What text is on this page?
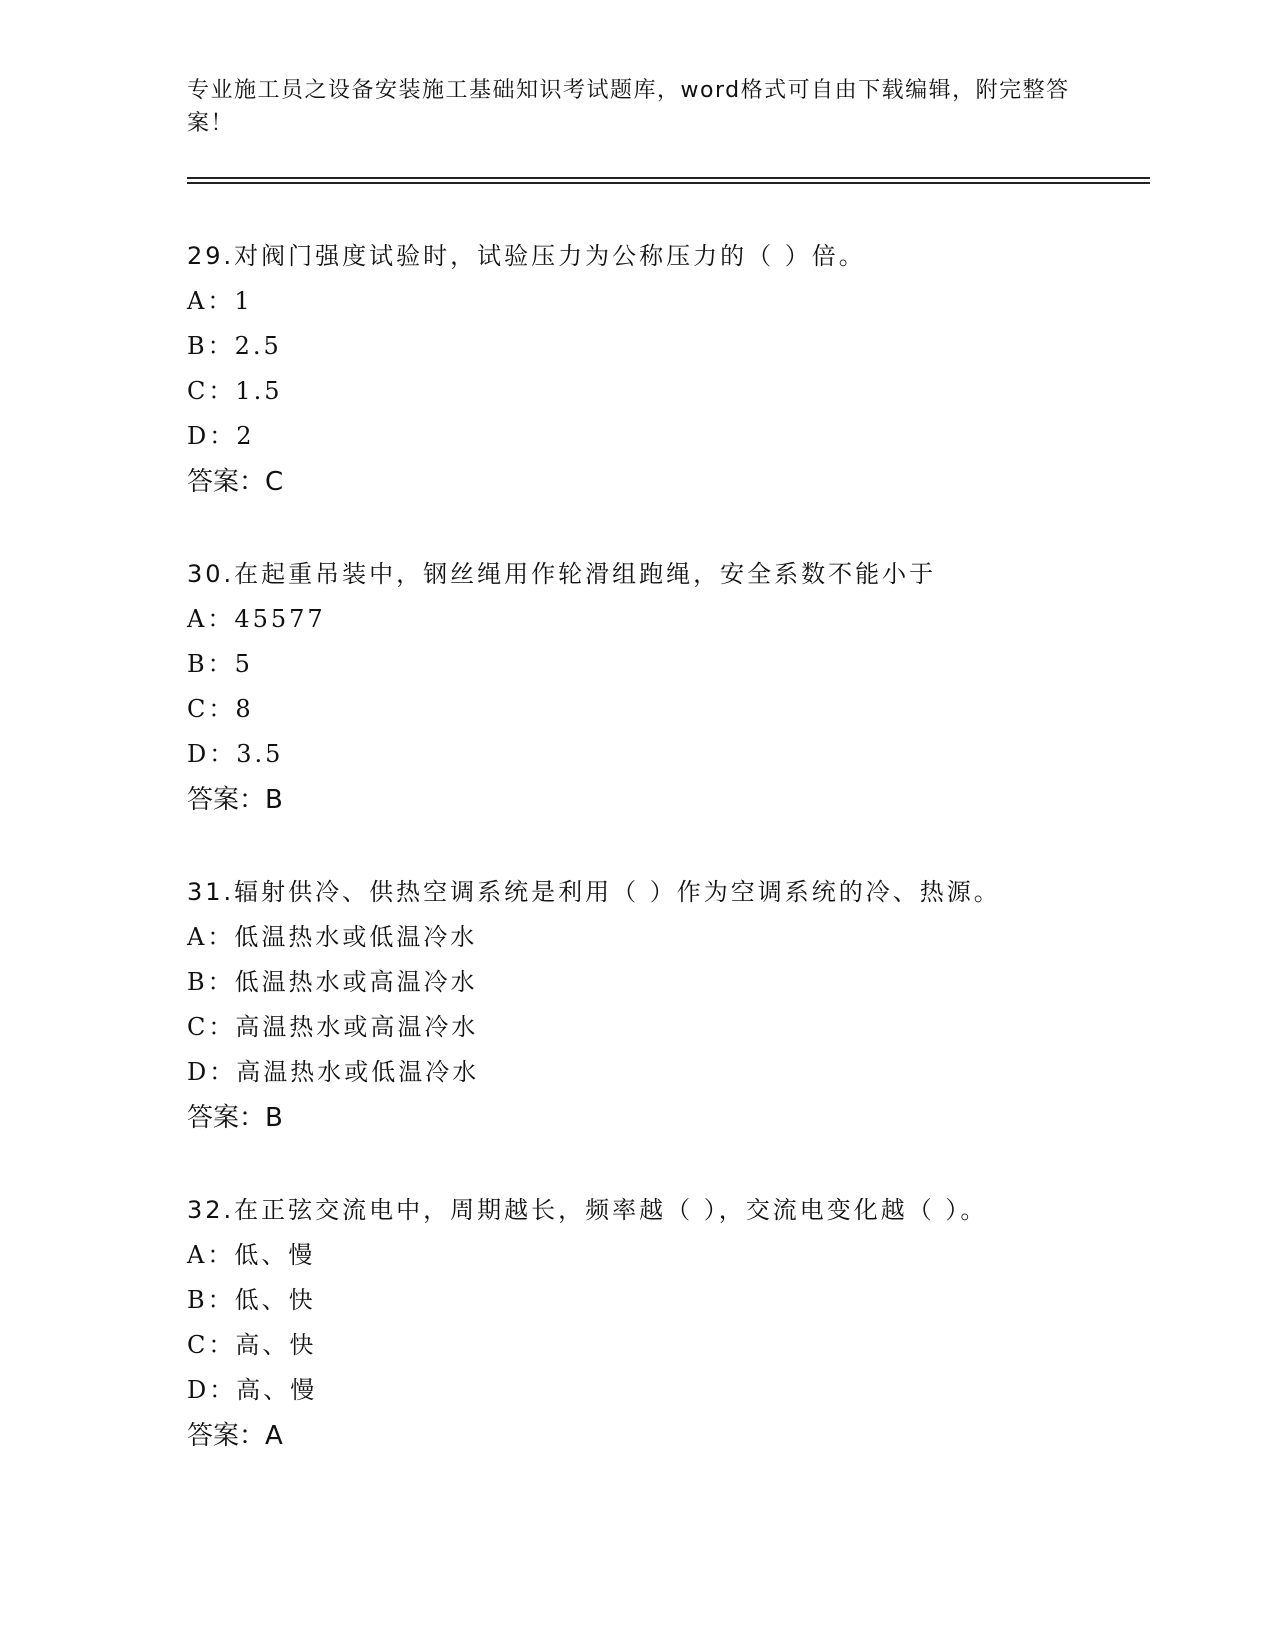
专业施工员之设备安装施工基础知识考试题库，word格式可自由下载编辑，附完整答案！
29.对阀门强度试验时，试验压力为公称压力的（ ）倍。
A：1
B：2.5
C：1.5
D：2
答案：C
30.在起重吊装中，钢丝绳用作轮滑组跑绳，安全系数不能小于
A：45577
B：5
C：8
D：3.5
答案：B
31.辐射供冷、供热空调系统是利用（ ）作为空调系统的冷、热源。
A：低温热水或低温冷水
B：低温热水或高温冷水
C：高温热水或高温冷水
D：高温热水或低温冷水
答案：B
32.在正弦交流电中，周期越长，频率越（ ），交流电变化越（ ）。
A：低、慢
B：低、快
C：高、快
D：高、慢
答案：A
